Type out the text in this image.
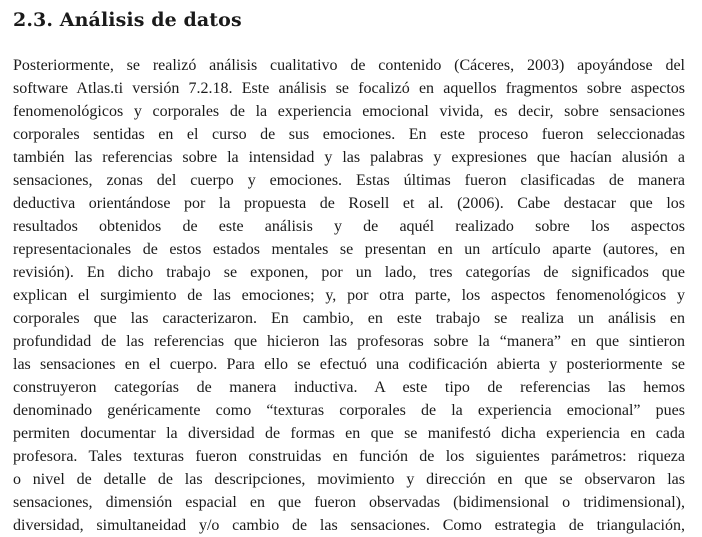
2.3. Análisis de datos
Posteriormente, se realizó análisis cualitativo de contenido (Cáceres, 2003) apoyándose del
software Atlas.ti versión 7.2.18. Este análisis se focalizó en aquellos fragmentos sobre aspectos
fenomenológicos y corporales de la experiencia emocional vivida, es decir, sobre sensaciones
corporales sentidas en el curso de sus emociones. En este proceso fueron seleccionadas
también las referencias sobre la intensidad y las palabras y expresiones que hacían alusión a
sensaciones, zonas del cuerpo y emociones. Estas últimas fueron clasificadas de manera
deductiva orientándose por la propuesta de Rosell et al. (2006). Cabe destacar que los
resultados obtenidos de este análisis y de aquél realizado sobre los aspectos
representacionales de estos estados mentales se presentan en un artículo aparte (autores, en
revisión). En dicho trabajo se exponen, por un lado, tres categorías de significados que
explican el surgimiento de las emociones; y, por otra parte, los aspectos fenomenológicos y
corporales que las caracterizaron. En cambio, en este trabajo se realiza un análisis en
profundidad de las referencias que hicieron las profesoras sobre la “manera” en que sintieron
las sensaciones en el cuerpo. Para ello se efectuó una codificación abierta y posteriormente se
construyeron categorías de manera inductiva. A este tipo de referencias las hemos
denominado genéricamente como “texturas corporales de la experiencia emocional” pues
permiten documentar la diversidad de formas en que se manifestó dicha experiencia en cada
profesora. Tales texturas fueron construidas en función de los siguientes parámetros: riqueza
o nivel de detalle de las descripciones, movimiento y dirección en que se observaron las
sensaciones, dimensión espacial en que fueron observadas (bidimensional o tridimensional),
diversidad, simultaneidad y/o cambio de las sensaciones. Como estrategia de triangulación,
